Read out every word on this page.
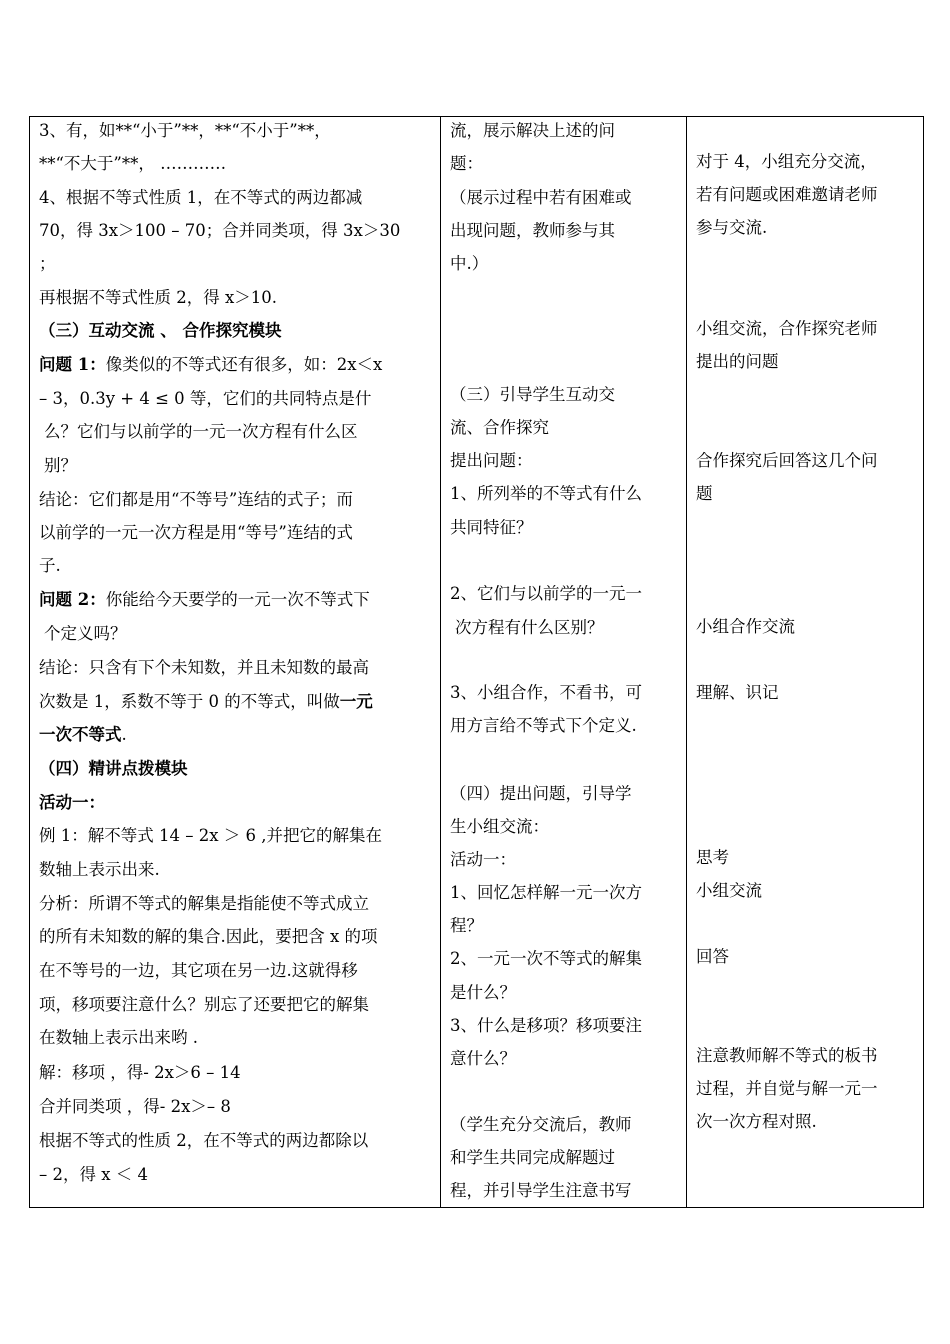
3、有，如**“小于”**，**“不小于”**，
**“不大于”**， …………
4、根据不等式性质 1，在不等式的两边都减
70，得 3x＞100 – 70；合并同类项，得 3x＞30
；
再根据不等式性质 2，得 x＞10.
（三）互动交流 、 合作探究模块
问题 1：像类似的不等式还有很多，如：2x＜x
– 3，0.3y + 4 ≤ 0 等，它们的共同特点是什
么？它们与以前学的一元一次方程有什么区
别？
结论：它们都是用“不等号”连结的式子；而
以前学的一元一次方程是用“等号”连结的式
子.
问题 2：你能给今天要学的一元一次不等式下
个定义吗？
结论：只含有下个未知数，并且未知数的最高
次数是 1，系数不等于 0 的不等式，叫做一元
一次不等式.
（四）精讲点拨模块
活动一：
例 1：解不等式 14 – 2x ＞ 6 ,并把它的解集在
数轴上表示出来.
分析：所谓不等式的解集是指能使不等式成立
的所有未知数的解的集合.因此，要把含 x 的项
在不等号的一边，其它项在另一边.这就得移
项，移项要注意什么？别忘了还要把它的解集
在数轴上表示出来哟 .
解：移项 ，得- 2x＞6 – 14
合并同类项 ，得- 2x＞– 8
根据不等式的性质 2，在不等式的两边都除以
– 2，得 x ＜ 4

流，展示解决上述的问
题：
（展示过程中若有困难或
出现问题，教师参与其
中.）
（三）引导学生互动交
流、合作探究
提出问题：
1、所列举的不等式有什么
共同特征？
2、它们与以前学的一元一
次方程有什么区别？
3、小组合作，不看书，可
用方言给不等式下个定义.
（四）提出问题，引导学
生小组交流：
活动一：
1、回忆怎样解一元一次方
程？
2、一元一次不等式的解集
是什么？
3、什么是移项？移项要注
意什么？
（学生充分交流后，教师
和学生共同完成解题过
程，并引导学生注意书写

对于 4，小组充分交流，
若有问题或困难邀请老师
参与交流.
小组交流，合作探究老师
提出的问题
合作探究后回答这几个问
题
小组合作交流
理解、识记
思考
小组交流
回答
注意教师解不等式的板书
过程，并自觉与解一元一
次一次方程对照.
